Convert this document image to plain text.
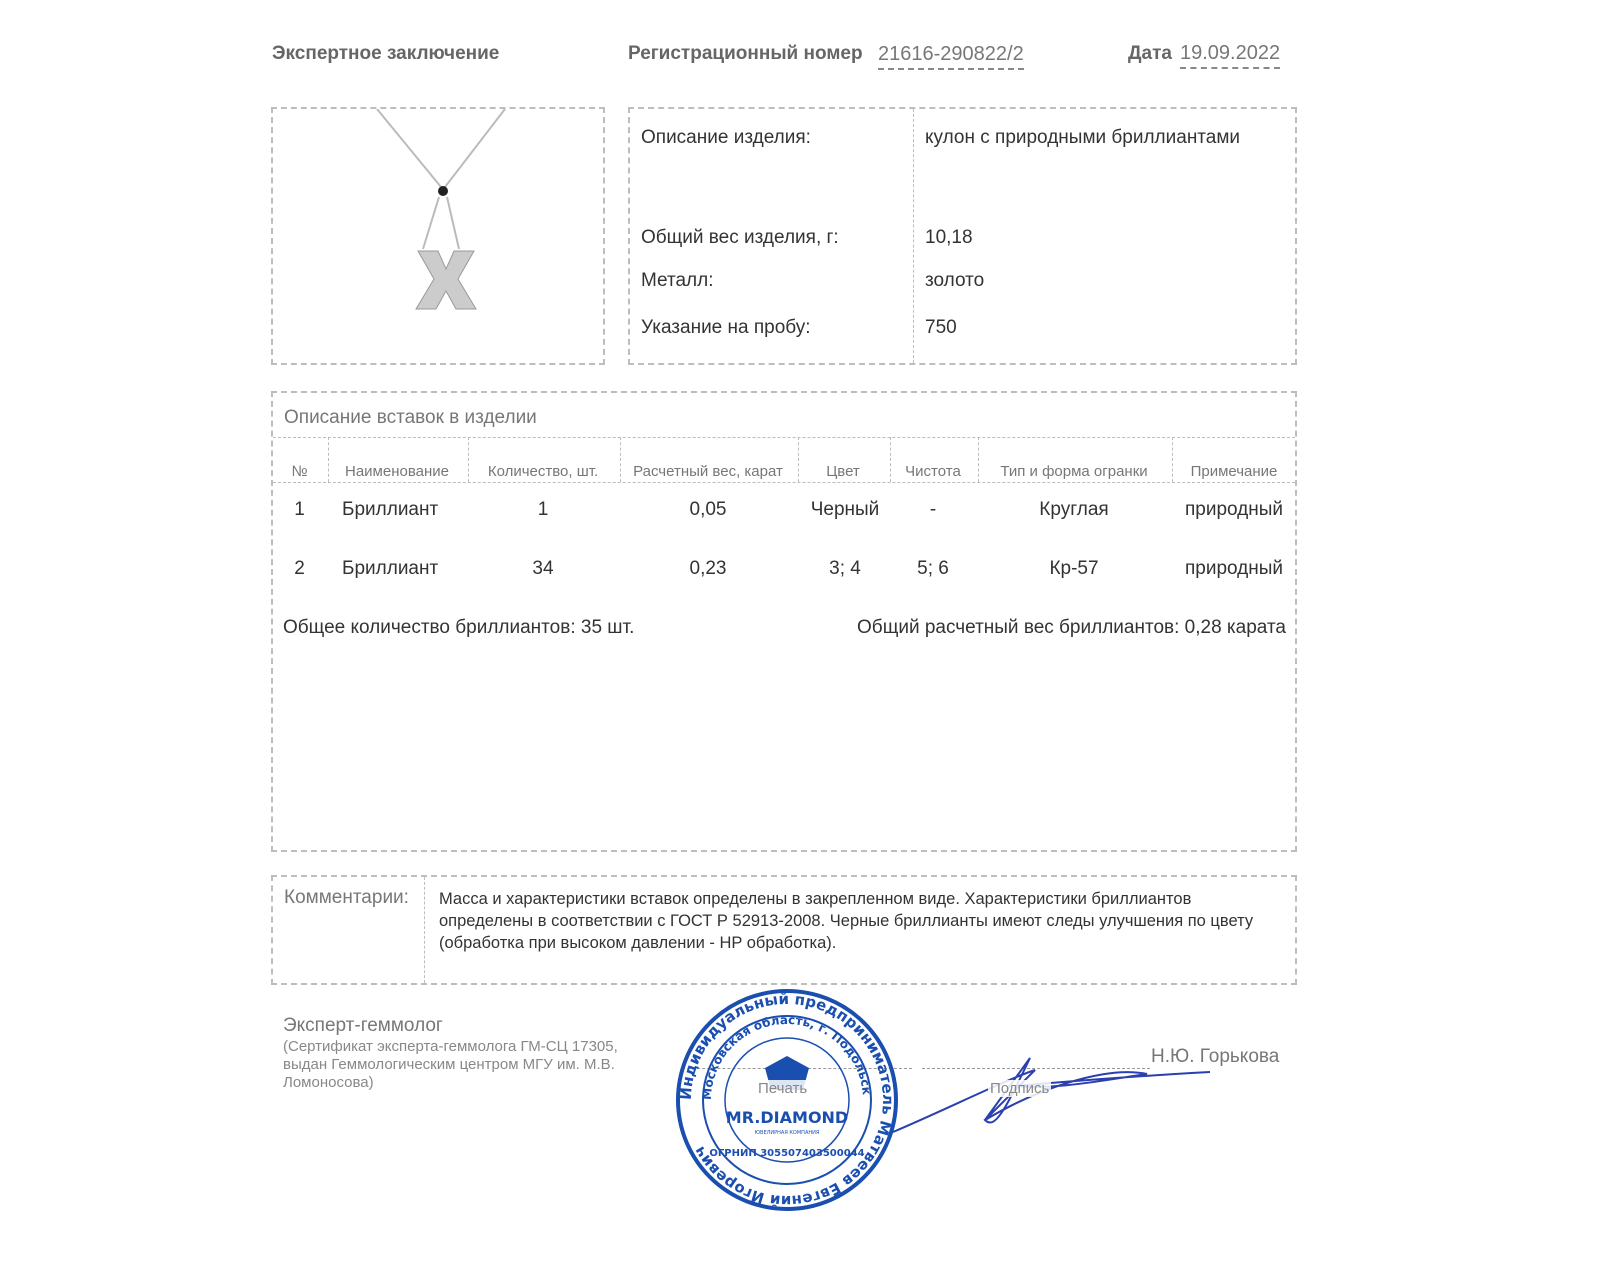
Экспертное заключение	Регистрационный номер 21616-290822/2	Дата 19.09.2022
Описание изделия:	кулон с природными бриллиантами
Общий вес изделия, г:	10,18
Металл:	золото
Указание на пробу:	750
Описание вставок в изделии
№	Наименование	Количество, шт.	Расчетный вес, карат	Цвет	Чистота	Тип и форма огранки	Примечание
1	Бриллиант	1	0,05	Черный	-	Круглая	природный
2	Бриллиант	34	0,23	3; 4	5; 6	Кр-57	природный
Общее количество бриллиантов: 35 шт.	Общий расчетный вес бриллиантов: 0,28 карата
Комментарии: Масса и характеристики вставок определены в закрепленном виде. Характеристики бриллиантов определены в соответствии с ГОСТ Р 52913-2008. Черные бриллианты имеют следы улучшения по цвету (обработка при высоком давлении - HP обработка).
Эксперт-геммолог
(Сертификат эксперта-геммолога ГМ-СЦ 17305, выдан Геммологическим центром МГУ им. М.В. Ломоносова)
Н.Ю. Горькова
Индивидуальный предприниматель Матвеев Евгений Игоревич
Московская область, г. Подольск
MR.DIAMOND
ЮВЕЛИРНАЯ КОМПАНИЯ
ОГРНИП 305507403500044
Печать	Подпись
